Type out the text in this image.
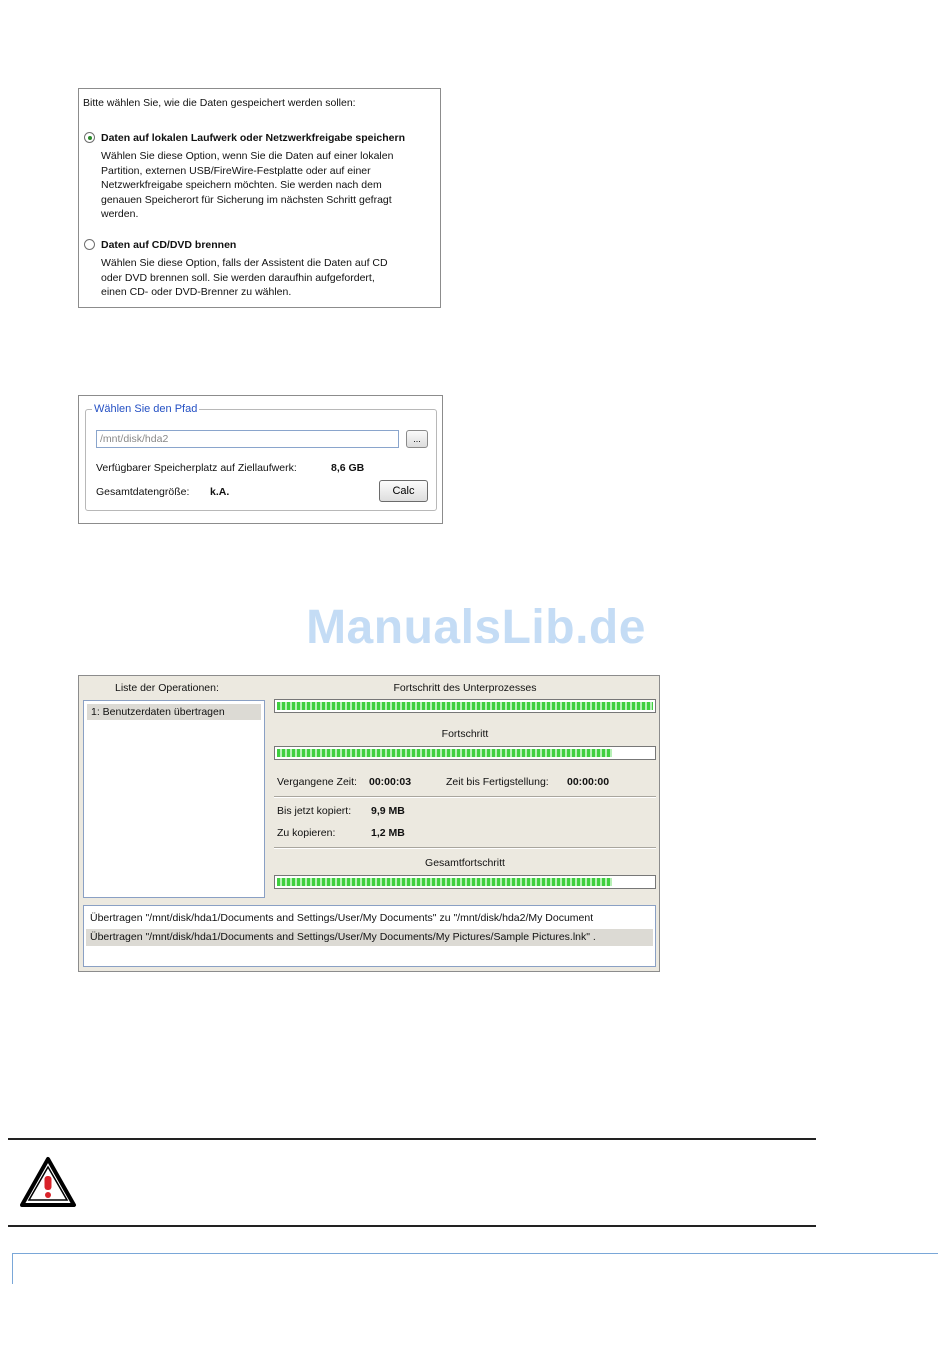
Bitte wählen Sie, wie die Daten gespeichert werden sollen:
Daten auf lokalen Laufwerk oder Netzwerkfreigabe speichern
Wählen Sie diese Option, wenn Sie die Daten auf einer lokalen
Partition, externen USB/FireWire-Festplatte oder auf einer
Netzwerkfreigabe speichern möchten. Sie werden nach dem
genauen Speicherort für Sicherung im nächsten Schritt gefragt
werden.
Daten auf CD/DVD brennen
Wählen Sie diese Option, falls der Assistent die Daten auf CD
oder DVD brennen soll. Sie werden daraufhin aufgefordert,
einen CD- oder DVD-Brenner zu wählen.
Wählen Sie den Pfad
/mnt/disk/hda2
...
Verfügbarer Speicherplatz auf Ziellaufwerk:	8,6 GB
Gesamtdatengröße: k.A.	Calc
ManualsLib.de
Liste der Operationen:
1: Benutzerdaten übertragen
Fortschritt des Unterprozesses
Fortschritt
Vergangene Zeit: 00:00:03	Zeit bis Fertigstellung: 00:00:00
Bis jetzt kopiert: 9,9 MB
Zu kopieren:	1,2 MB
Gesamtfortschritt
Übertragen "/mnt/disk/hda1/Documents and Settings/User/My Documents" zu "/mnt/disk/hda2/My Document
Übertragen "/mnt/disk/hda1/Documents and Settings/User/My Documents/My Pictures/Sample Pictures.lnk" .
